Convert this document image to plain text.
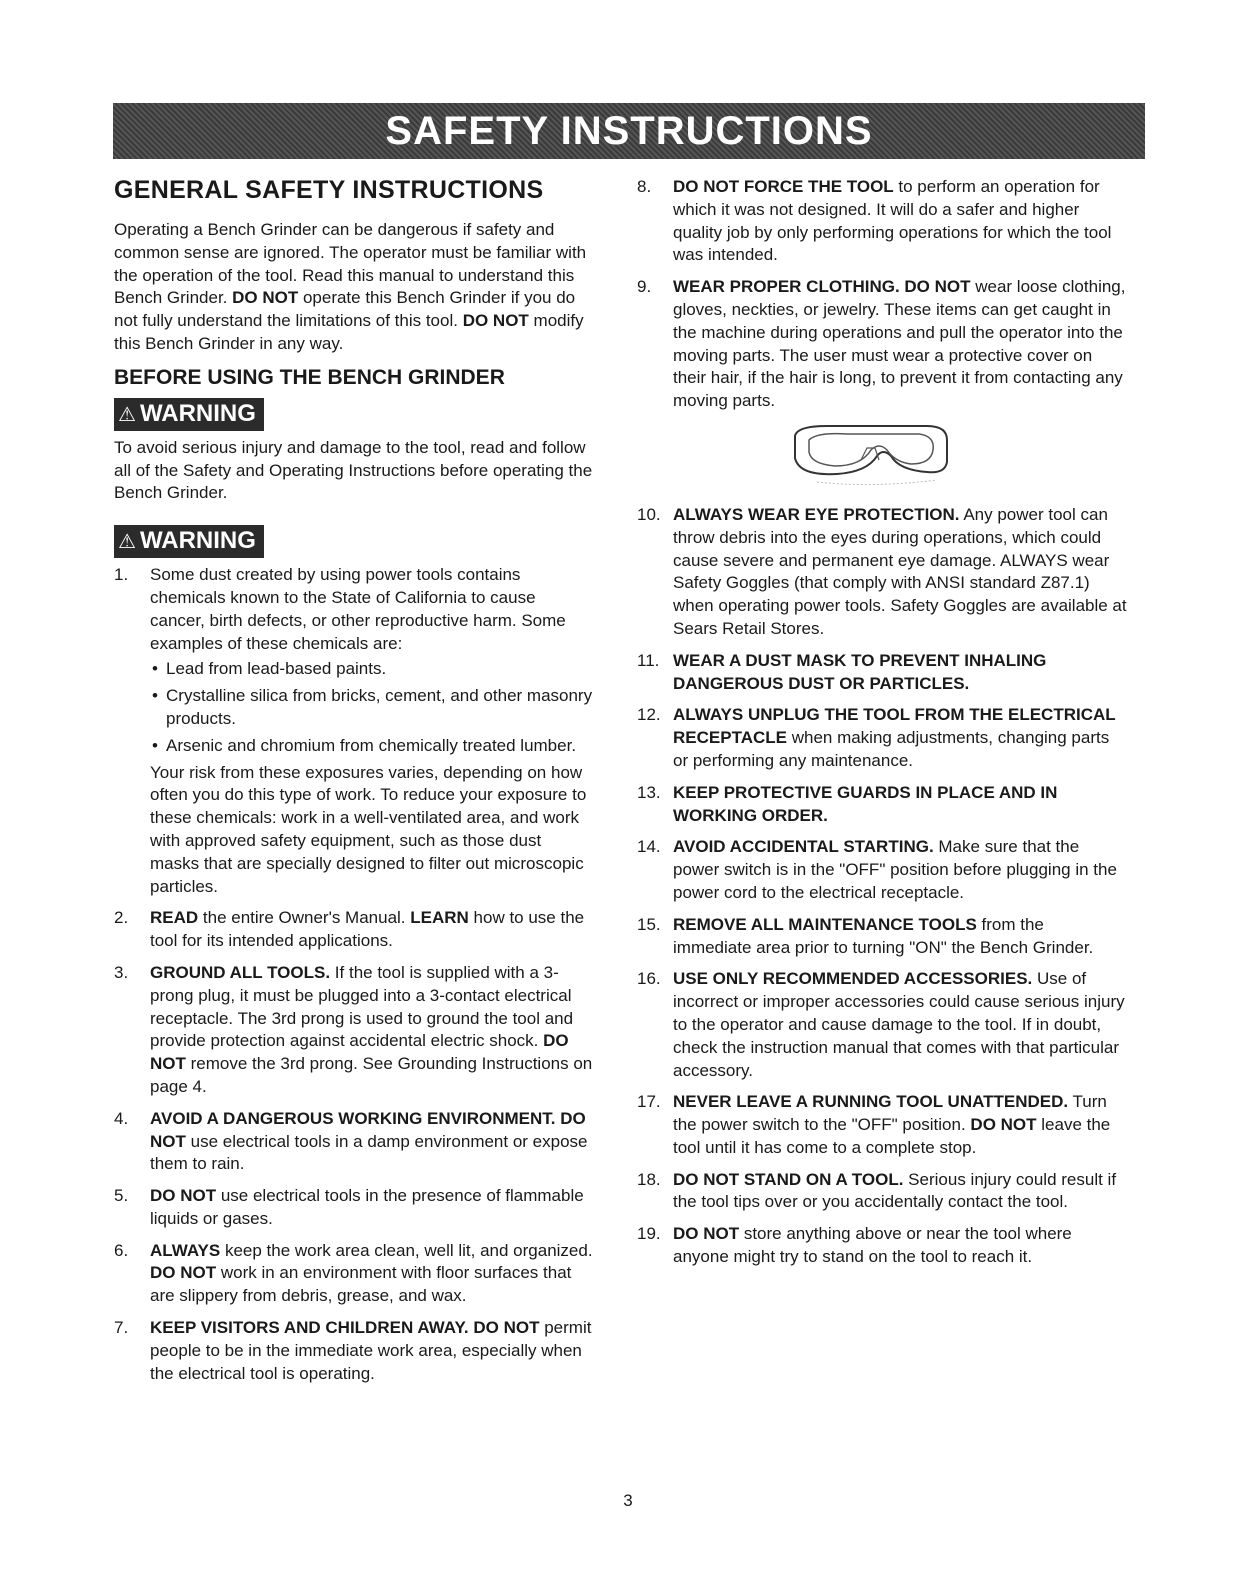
SAFETY INSTRUCTIONS
GENERAL SAFETY INSTRUCTIONS

Operating a Bench Grinder can be dangerous if safety and common sense are ignored. The operator must be familiar with the operation of the tool. Read this manual to understand this Bench Grinder. DO NOT operate this Bench Grinder if you do not fully understand the limitations of this tool. DO NOT modify this Bench Grinder in any way.

BEFORE USING THE BENCH GRINDER
⚠ WARNING

To avoid serious injury and damage to the tool, read and follow all of the Safety and Operating Instructions before operating the Bench Grinder.

⚠ WARNING
1.	Some dust created by using power tools contains chemicals known to the State of California to cause cancer, birth defects, or other reproductive harm. Some examples of these chemicals are:
• Lead from lead-based paints.
• Crystalline silica from bricks, cement, and other masonry products.
• Arsenic and chromium from chemically treated lumber.
Your risk from these exposures varies, depending on how often you do this type of work. To reduce your exposure to these chemicals: work in a well-ventilated area, and work with approved safety equipment, such as those dust masks that are specially designed to filter out microscopic particles.
2.	READ the entire Owner's Manual. LEARN how to use the tool for its intended applications.
3.	GROUND ALL TOOLS. If the tool is supplied with a 3-prong plug, it must be plugged into a 3-contact electrical receptacle. The 3rd prong is used to ground the tool and provide protection against accidental electric shock. DO NOT remove the 3rd prong. See Grounding Instructions on page 4.
4.	AVOID A DANGEROUS WORKING ENVIRONMENT. DO NOT use electrical tools in a damp environment or expose them to rain.
5.	DO NOT use electrical tools in the presence of flammable liquids or gases.
6.	ALWAYS keep the work area clean, well lit, and organized. DO NOT work in an environment with floor surfaces that are slippery from debris, grease, and wax.
7.	KEEP VISITORS AND CHILDREN AWAY. DO NOT permit people to be in the immediate work area, especially when the electrical tool is operating.
8.	DO NOT FORCE THE TOOL to perform an operation for which it was not designed. It will do a safer and higher quality job by only performing operations for which the tool was intended.
9.	WEAR PROPER CLOTHING. DO NOT wear loose clothing, gloves, neckties, or jewelry. These items can get caught in the machine during operations and pull the operator into the moving parts. The user must wear a protective cover on their hair, if the hair is long, to prevent it from contacting any moving parts.
10. ALWAYS WEAR EYE PROTECTION. Any power tool can throw debris into the eyes during operations, which could cause severe and permanent eye damage. ALWAYS wear Safety Goggles (that comply with ANSI standard Z87.1) when operating power tools. Safety Goggles are available at Sears Retail Stores.
11. WEAR A DUST MASK TO PREVENT INHALING DANGEROUS DUST OR PARTICLES.
12. ALWAYS UNPLUG THE TOOL FROM THE ELECTRICAL RECEPTACLE when making adjustments, changing parts or performing any maintenance.
13. KEEP PROTECTIVE GUARDS IN PLACE AND IN WORKING ORDER.
14. AVOID ACCIDENTAL STARTING. Make sure that the power switch is in the "OFF" position before plugging in the power cord to the electrical receptacle.
15. REMOVE ALL MAINTENANCE TOOLS from the immediate area prior to turning "ON" the Bench Grinder.
16. USE ONLY RECOMMENDED ACCESSORIES. Use of incorrect or improper accessories could cause serious injury to the operator and cause damage to the tool. If in doubt, check the instruction manual that comes with that particular accessory.
17. NEVER LEAVE A RUNNING TOOL UNATTENDED. Turn the power switch to the "OFF" position. DO NOT leave the tool until it has come to a complete stop.
18. DO NOT STAND ON A TOOL. Serious injury could result if the tool tips over or you accidentally contact the tool.
19. DO NOT store anything above or near the tool where anyone might try to stand on the tool to reach it.
3
